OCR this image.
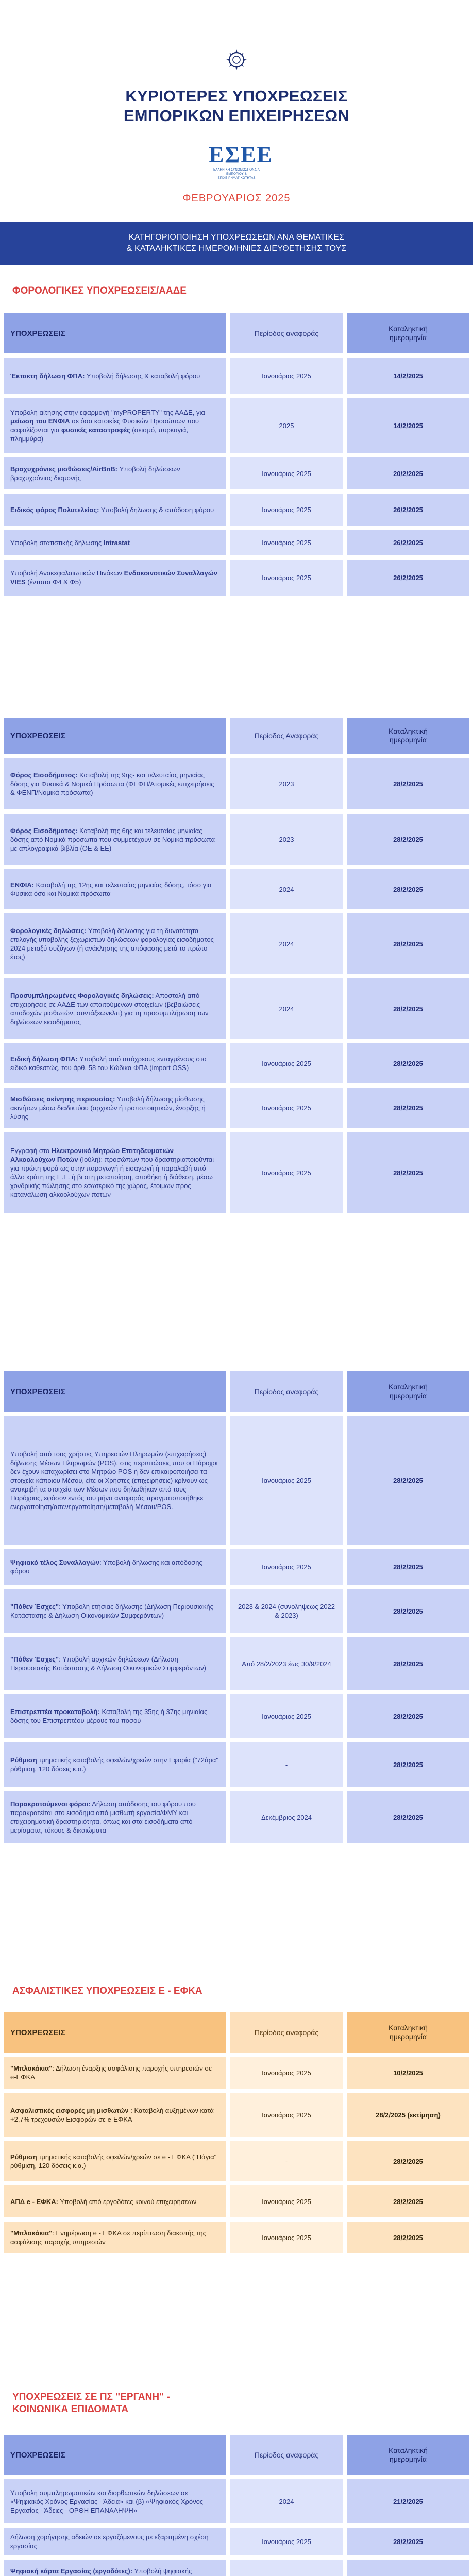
ΚΥΡΙΟΤΕΡΕΣ ΥΠΟΧΡΕΩΣΕΙΣ
ΕΜΠΟΡΙΚΩΝ ΕΠΙΧΕΙΡΗΣΕΩΝ
ΕΣΕΕ
ΕΛΛΗΝΙΚΗ ΣΥΝΟΜΟΣΠΟΝΔΙΑ ΕΜΠΟΡΙΟΥ & ΕΠΙΧΕΙΡΗΜΑΤΙΚΟΤΗΤΑΣ
ΦΕΒΡΟΥΑΡΙΟΣ 2025
ΚΑΤΗΓΟΡΙΟΠΟΙΗΣΗ ΥΠΟΧΡΕΩΣΕΩΝ ΑΝΑ ΘΕΜΑΤΙΚΕΣ
& ΚΑΤΑΛΗΚΤΙΚΕΣ ΗΜΕΡΟΜΗΝΙΕΣ ΔΙΕΥΘΕΤΗΣΗΣ ΤΟΥΣ
ΦΟΡΟΛΟΓΙΚΕΣ ΥΠΟΧΡΕΩΣΕΙΣ/ΑΑΔΕ
ΥΠΟΧΡΕΩΣΕΙΣ	Περίοδος αναφοράς
Καταληκτική
ημερομηνία
Έκτακτη δήλωση ΦΠΑ: Υποβολή δήλωσης & καταβολή φόρου	Ιανουάριος 2025	14/2/2025
Υποβολή αίτησης στην εφαρμογή "myPROPERTY" της ΑΑΔΕ, για μείωση του ΕΝΦΙΑ σε όσα κατοικίες Φυσικών Προσώπων που ασφαλίζονται για φυσικές καταστροφές (σεισμό, πυρκαγιά, πλημμύρα)
2025	14/2/2025
Βραχυχρόνιες μισθώσεις/AirBnB: Υποβολή δηλώσεων βραχυχρόνιας διαμονής
Ιανουάριος 2025	20/2/2025
Ειδικός φόρος Πολυτελείας: Υποβολή δήλωσης & απόδοση φόρου	Ιανουάριος 2025	26/2/2025
Υποβολή στατιστικής δήλωσης Intrastat	Ιανουάριος 2025	26/2/2025
Υποβολή Ανακεφαλαιωτικών Πινάκων Ενδοκοινοτικών Συναλλαγών VIES (έντυπα Φ4 & Φ5)
Ιανουάριος 2025	26/2/2025
ΥΠΟΧΡΕΩΣΕΙΣ	Περίοδος Αναφοράς
Καταληκτική
ημερομηνία
Φόρος Εισοδήματος: Καταβολή της 9ης- και τελευταίας μηνιαίας δόσης για Φυσικά & Νομικά Πρόσωπα (ΦΕΦΠ/Ατομικές επιχειρήσεις & ΦΕΝΠ/Νομικά πρόσωπα)
2023	28/2/2025
Φόρος Εισοδήματος: Καταβολή της 6ης και τελευταίας μηνιαίας δόσης από Νομικά πρόσωπα που συμμετέχουν σε Νομικά πρόσωπα με απλογραφικά βιβλία (ΟΕ & ΕΕ)
2023	28/2/2025
ΕΝΦΙΑ: Καταβολή της 12ης και τελευταίας μηνιαίας δόσης, τόσο για Φυσικά όσο και Νομικά πρόσωπα
2024	28/2/2025
Φορολογικές δηλώσεις: Υποβολή δήλωσης για τη δυνατότητα επιλογής υποβολής ξεχωριστών δηλώσεων φορολογίας εισοδήματος 2024 μεταξύ συζύγων (ή ανάκλησης της απόφασης μετά το πρώτο έτος)
2024	28/2/2025
Προσυμπληρωμένες Φορολογικές δηλώσεις: Αποστολή από επιχειρήσεις σε ΑΑΔΕ των απαιτούμενων στοιχείων (βεβαιώσεις αποδοχών μισθωτών, συντάξεωνκλπ) για τη προσυμπλήρωση των δηλώσεων εισοδήματος
2024	28/2/2025
Ειδική δήλωση ΦΠΑ: Υποβολή από υπόχρεους ενταγμένους στο ειδικό καθεστώς, του άρθ. 58 του Κώδικα ΦΠΑ (import OSS)
Ιανουάριος 2025	28/2/2025
Μισθώσεις ακίνητης περιουσίας: Υποβολή δήλωσης μίσθωσης ακινήτων μέσω διαδικτύου (αρχικών ή τροποποιητικών, ένορξης ή λύσης
Ιανουάριος 2025	28/2/2025
Εγγραφή στο Ηλεκτρονικό Μητρώο Επιτηδευματιών Αλκοολούχων Ποτών (Ιούλη): προσώπων που δραστηριοποιούνται για πρώτη φορά ως στην παραγωγή ή εισαγωγή ή παραλαβή από άλλο κράτη της Ε.Ε. ή βι στη μεταποίηση, αποθήκη ή διάθεση, μέσω χονδρικής πώλησης στο εσωτερικό της χώρας, έτοιμων προς κατανάλωση αλκοολούχων ποτών
Ιανουάριος 2025	28/2/2025
ΥΠΟΧΡΕΩΣΕΙΣ	Περίοδος αναφοράς
Καταληκτική
ημερομηνία
Υποβολή από τους χρήστες Υπηρεσιών Πληρωμών (επιχειρήσεις) δήλωσης Μέσων Πληρωμών (POS), στις περιπτώσεις που οι Πάροχοι δεν έχουν καταχωρίσει στο Μητρώο POS ή δεν επικαιροποιήσει τα στοιχεία κάποιου Μέσου, είτε οι Χρήστες (επιχειρήσεις) κρίνουν ως ανακριβή τα στοιχεία των Μέσων που δηλωθήκαν από τους Παρόχους, εφόσον εντός του μήνα αναφοράς πραγματοποιήθηκε ενεργοποίηση/απενεργοποίηση/μεταβολή Μέσου/POS.
Ιανουάριος 2025	28/2/2025
Ψηφιακό τέλος Συναλλαγών: Υποβολή δήλωσης και απόδοσης φόρου
Ιανουάριος 2025	28/2/2025
"Πόθεν Έσχες": Υποβολή ετήσιας δήλωσης (Δήλωση Περιουσιακής Κατάστασης & Δήλωση Οικονομικών Συμφερόντων)
2023 & 2024 (συνολήψεως 2022 & 2023)
28/2/2025
"Πόθεν Έσχες": Υποβολή αρχικών δηλώσεων (Δήλωση Περιουσιακής Κατάστασης & Δήλωση Οικονομικών Συμφερόντων)
Από 28/2/2023 έως 30/9/2024	28/2/2025
Επιστρεπτέα προκαταβολή: Καταβολή της 35ης ή 37ης μηνιαίας δόσης του Επιστρεπτέου μέρους του ποσού
Ιανουάριος 2025	28/2/2025
Ρύθμιση τμηματικής καταβολής οφειλών/χρεών στην Εφορία ("72άρα" ρύθμιση, 120 δόσεις κ.α.)
-	28/2/2025
Παρακρατούμενοι φόροι: Δήλωση απόδοσης του φόρου που παρακρατείται στο εισόδημα από μισθωτή εργασία/ΦΜΥ και επιχειρηματική δραστηριότητα, όπως και στα εισοδήματα από μερίσματα, τόκους & δικαιώματα
Δεκέμβριος 2024	28/2/2025
ΑΣΦΑΛΙΣΤΙΚΕΣ ΥΠΟΧΡΕΩΣΕΙΣ E - ΕΦΚΑ
ΥΠΟΧΡΕΩΣΕΙΣ	Περίοδος αναφοράς
Καταληκτική
ημερομηνία
"Μπλοκάκια": Δήλωση έναρξης ασφάλισης παροχής υπηρεσιών σε e-ΕΦΚΑ
Ιανουάριος 2025	10/2/2025
Ασφαλιστικές εισφορές μη μισθωτών : Καταβολή αυξημένων κατά +2,7% τρεχουσών Εισφορών σε e-ΕΦΚΑ
Ιανουάριος 2025	28/2/2025 (εκτίμηση)
Ρύθμιση τμηματικής καταβολής οφειλών/χρεών σε e - ΕΦΚΑ ("Πάγια" ρύθμιση, 120 δόσεις κ.α.)
-	28/2/2025
ΑΠΔ e - ΕΦΚΑ: Υποβολή από εργοδότες κοινού επιχειρήσεων	Ιανουάριος 2025	28/2/2025
"Μπλοκάκια": Ενημέρωση e - ΕΦΚΑ σε περίπτωση διακοπής της ασφάλισης παροχής υπηρεσιών
Ιανουάριος 2025	28/2/2025
ΥΠΟΧΡΕΩΣΕΙΣ ΣΕ ΠΣ "ΕΡΓΑΝΗ" -
ΚΟΙΝΩΝΙΚΑ ΕΠΙΔΟΜΑΤΑ
ΥΠΟΧΡΕΩΣΕΙΣ	Περίοδος αναφοράς
Καταληκτική
ημερομηνία
Υποβολή συμπληρωματικών και διορθωτικών δηλώσεων σε «Ψηφιακός Χρόνος Εργασίας - Άδεια» και (β) «Ψηφιακός Χρόνος Εργασίας - Άδειες - ΟΡΘΗ ΕΠΑΝΑΛΗΨΗ»
2024	21/2/2025
Δήλωση χορήγησης αδειών σε εργαζόμενους με εξαρτημένη σχέση εργασίας
Ιανουάριος 2025	28/2/2025
Ψηφιακή κάρτα Εργασίας (εργοδότες): Υποβολή ψηφιακής
